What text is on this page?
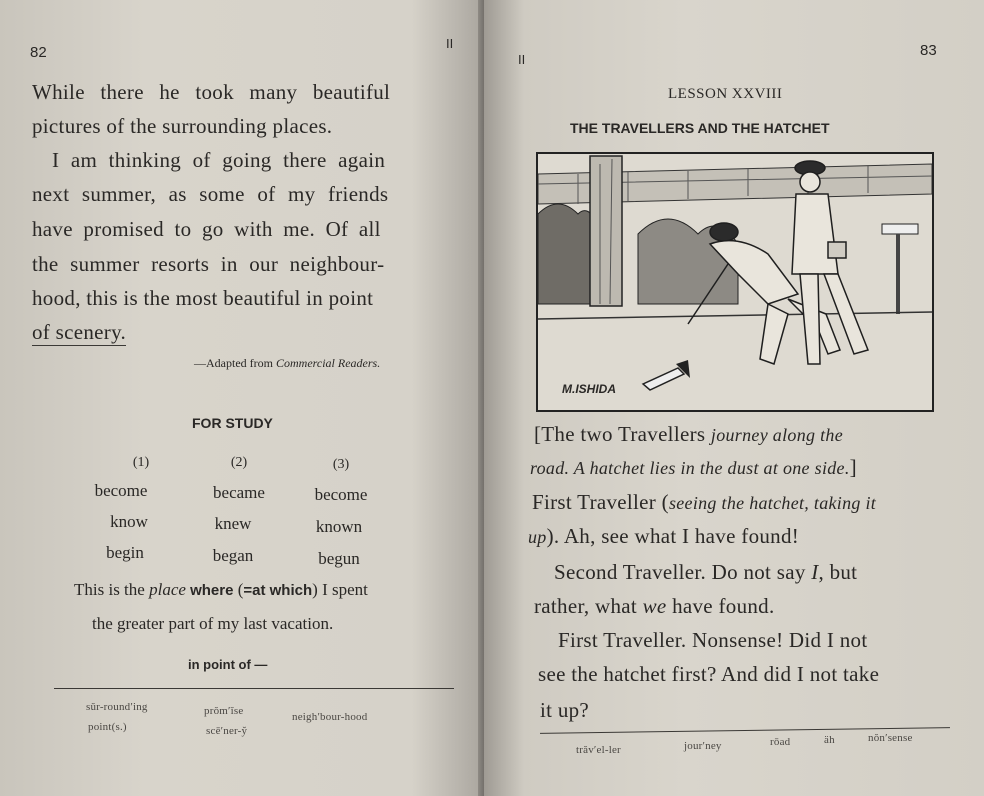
82
II
While there he took many beautiful
pictures of the surrounding places.
I am thinking of going there again
next summer, as some of my friends
have promised to go with me. Of all
the summer resorts in our neighbour-
hood, this is the most beautiful in point
of scenery.
—Adapted from Commercial Readers.
FOR STUDY
(1)	(2)	(3)
become	became	become
know	knew	known
begin	began	begun
This is the place where (=at which) I spent
the greater part of my last vacation.
in point of —
sŭr-round′ing	prŏm′ĭse	neigh′bour-hood
point(s.)	scē′ner-y̆
II
83
LESSON XXVIII
THE TRAVELLERS AND THE HATCHET
[The two Travellers journey along the
road. A hatchet lies in the dust at one side.]
First Traveller (seeing the hatchet, taking it
up). Ah, see what I have found!
Second Traveller. Do not say I, but
rather, what we have found.
First Traveller. Nonsense! Did I not
see the hatchet first? And did I not take
it up?
trăv′el-ler	jour′ney	rōad	äh	nŏn′sense
M.ISHIDA
